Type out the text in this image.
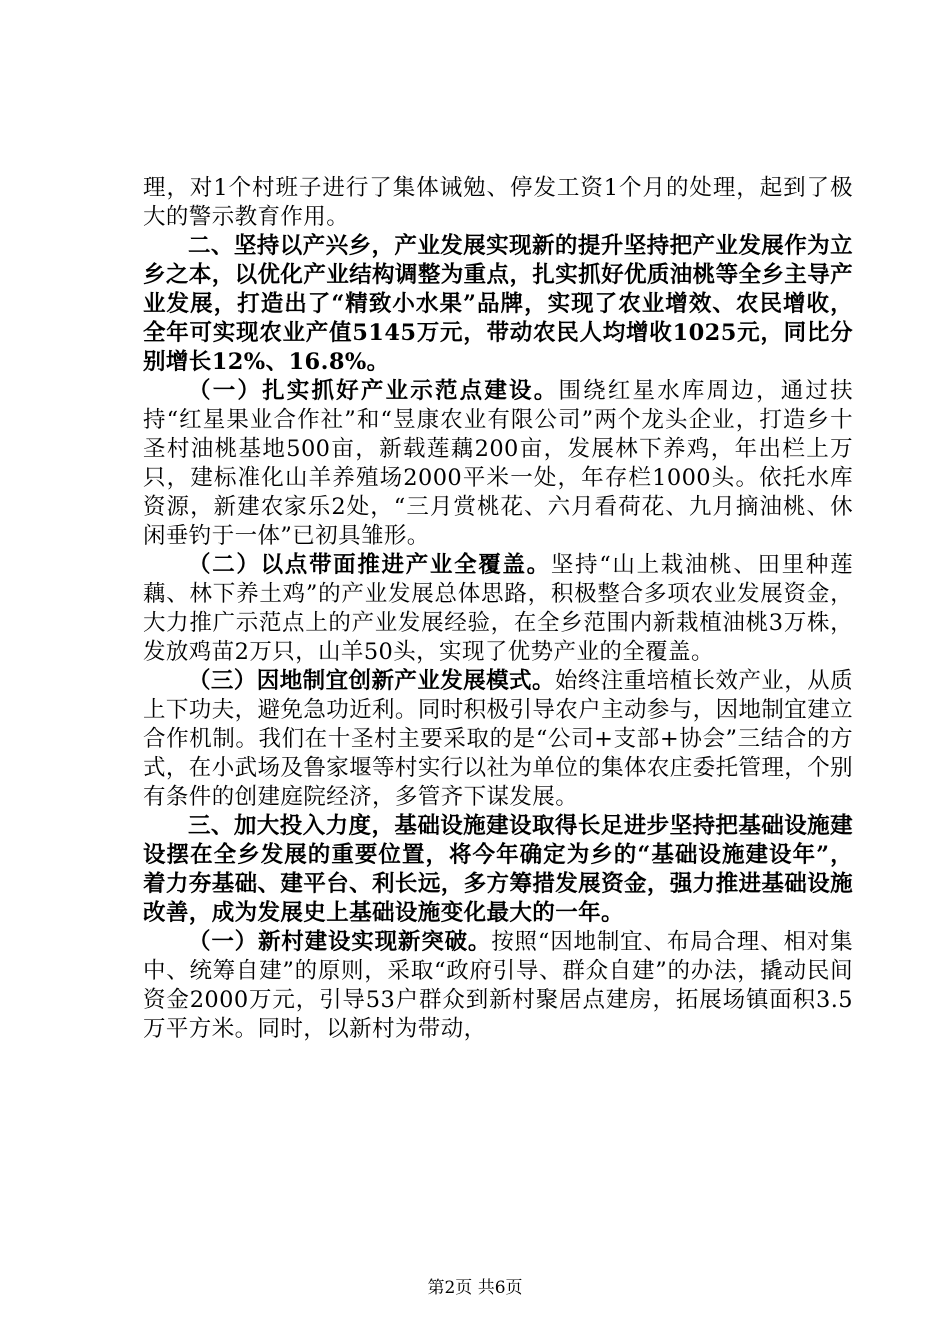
理，对1个村班子进行了集体诫勉、停发工资1个月的处理，起到了极大的警示教育作用。

二、坚持以产兴乡，产业发展实现新的提升坚持把产业发展作为立乡之本，以优化产业结构调整为重点，扎实抓好优质油桃等全乡主导产业发展，打造出了“精致小水果”品牌，实现了农业增效、农民增收，全年可实现农业产值5145万元，带动农民人均增收1025元，同比分别增长12%、16.8%。

（一）扎实抓好产业示范点建设。围绕红星水库周边，通过扶持“红星果业合作社”和“昱康农业有限公司”两个龙头企业，打造乡十圣村油桃基地500亩，新载莲藕200亩，发展林下养鸡，年出栏上万只，建标准化山羊养殖场2000平米一处，年存栏1000头。依托水库资源，新建农家乐2处，“三月赏桃花、六月看荷花、九月摘油桃、休闲垂钓于一体”已初具雏形。

（二）以点带面推进产业全覆盖。坚持“山上栽油桃、田里种莲藕、林下养土鸡”的产业发展总体思路，积极整合多项农业发展资金，大力推广示范点上的产业发展经验，在全乡范围内新栽植油桃3万株，发放鸡苗2万只，山羊50头，实现了优势产业的全覆盖。

（三）因地制宜创新产业发展模式。始终注重培植长效产业，从质上下功夫，避免急功近利。同时积极引导农户主动参与，因地制宜建立合作机制。我们在十圣村主要采取的是“公司+支部+协会”三结合的方式，在小武场及鲁家堰等村实行以社为单位的集体农庄委托管理，个别有条件的创建庭院经济，多管齐下谋发展。

三、加大投入力度，基础设施建设取得长足进步坚持把基础设施建设摆在全乡发展的重要位置，将今年确定为乡的“基础设施建设年”，着力夯基础、建平台、利长远，多方筹措发展资金，强力推进基础设施改善，成为发展史上基础设施变化最大的一年。

（一）新村建设实现新突破。按照“因地制宜、布局合理、相对集中、统筹自建”的原则，采取“政府引导、群众自建”的办法，撬动民间资金2000万元，引导53户群众到新村聚居点建房，拓展场镇面积3.5万平方米。同时，以新村为带动，

第2页 共6页
